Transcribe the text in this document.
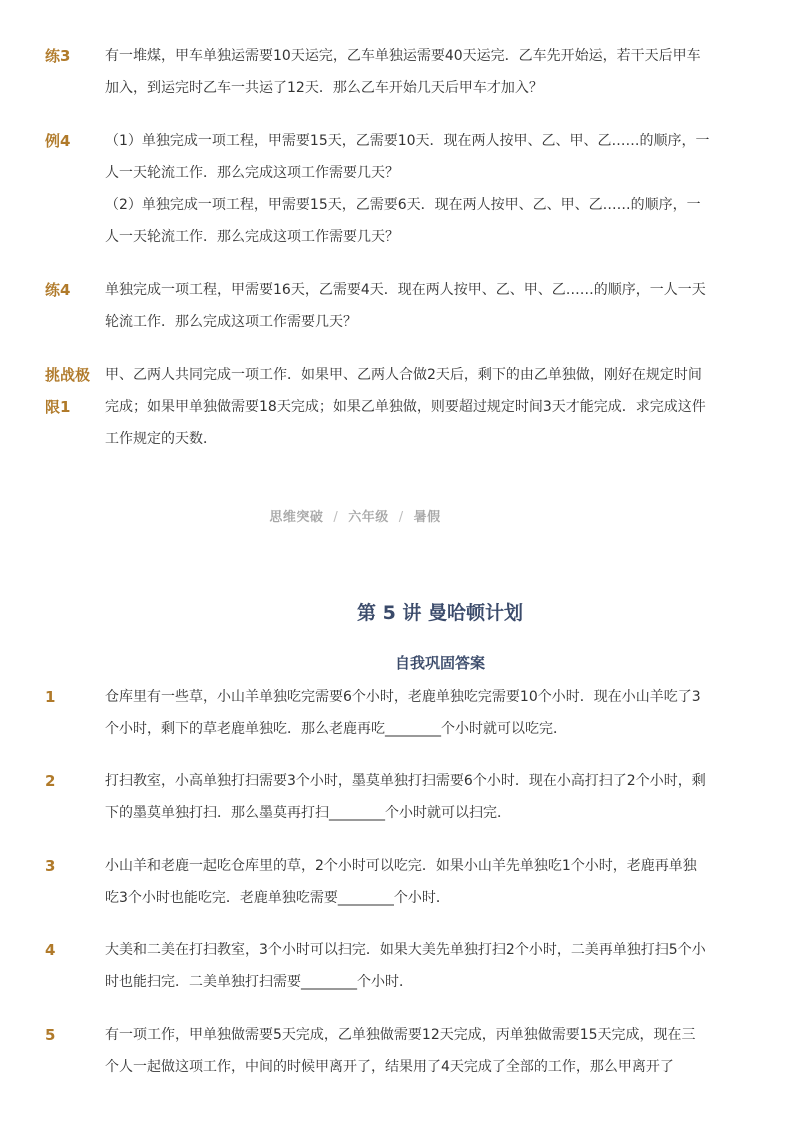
练3	有一堆煤，甲车单独运需要10天运完，乙车单独运需要40天运完．乙车先开始运，若干天后甲车

加入，到运完时乙车一共运了12天．那么乙车开始几天后甲车才加入？

例4	（1）单独完成一项工程，甲需要15天，乙需要10天．现在两人按甲、乙、甲、乙……的顺序，一

人一天轮流工作．那么完成这项工作需要几天？

（2）单独完成一项工程，甲需要15天，乙需要6天．现在两人按甲、乙、甲、乙……的顺序，一

人一天轮流工作．那么完成这项工作需要几天？

练4	单独完成一项工程，甲需要16天，乙需要4天．现在两人按甲、乙、甲、乙……的顺序，一人一天

轮流工作．那么完成这项工作需要几天？

挑战极
限1

甲、乙两人共同完成一项工作．如果甲、乙两人合做2天后，剩下的由乙单独做，刚好在规定时间

完成；如果甲单独做需要18天完成；如果乙单独做，则要超过规定时间3天才能完成．求完成这件

工作规定的天数．

思维突破 / 六年级 / 暑假
第 5 讲 曼哈顿计划
自我巩固答案
1	仓库里有一些草，小山羊单独吃完需要6个小时，老鹿单独吃完需要10个小时．现在小山羊吃了3

个小时，剩下的草老鹿单独吃．那么老鹿再吃________个小时就可以吃完．

2	打扫教室，小高单独打扫需要3个小时，墨莫单独打扫需要6个小时．现在小高打扫了2个小时，剩

下的墨莫单独打扫．那么墨莫再打扫________个小时就可以扫完．

3	小山羊和老鹿一起吃仓库里的草，2个小时可以吃完．如果小山羊先单独吃1个小时，老鹿再单独

吃3个小时也能吃完．老鹿单独吃需要________个小时．

4	大美和二美在打扫教室，3个小时可以扫完．如果大美先单独打扫2个小时，二美再单独打扫5个小

时也能扫完．二美单独打扫需要________个小时．

5	有一项工作，甲单独做需要5天完成，乙单独做需要12天完成，丙单独做需要15天完成，现在三

个人一起做这项工作，中间的时候甲离开了，结果用了4天完成了全部的工作，那么甲离开了
